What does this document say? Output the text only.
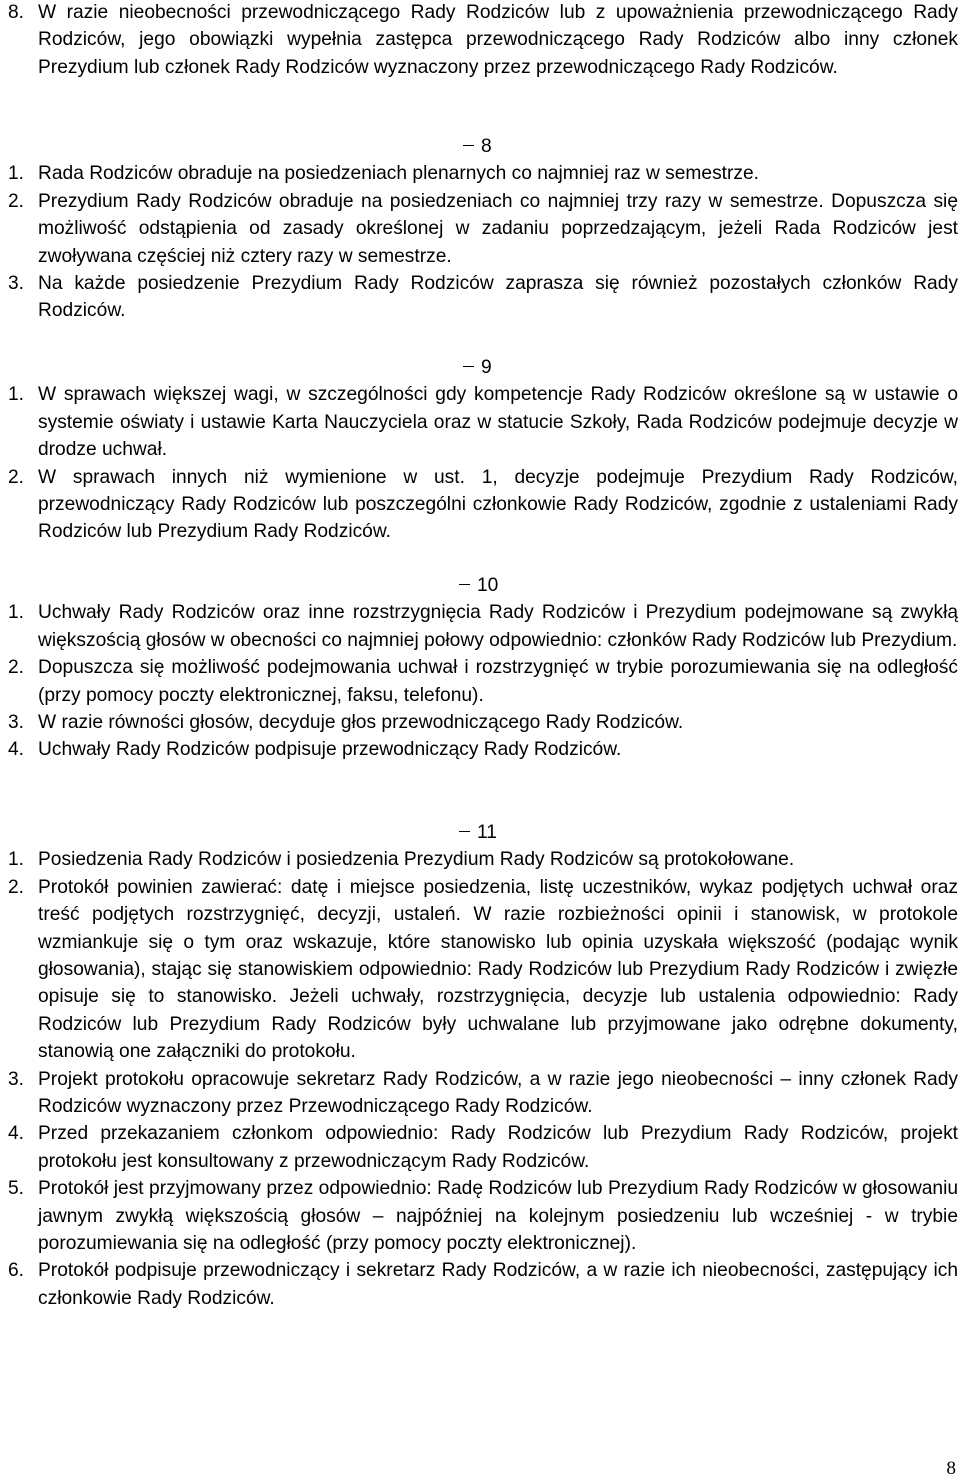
8. W razie nieobecności przewodniczącego Rady Rodziców lub z upoważnienia przewodniczącego Rady Rodziców, jego obowiązki wypełnia zastępca przewodniczącego Rady Rodziców albo inny członek Prezydium lub członek Rady Rodziców wyznaczony przez przewodniczącego Rady Rodziców.
8
1. Rada Rodziców obraduje na posiedzeniach plenarnych co najmniej raz w semestrze.
2. Prezydium Rady Rodziców obraduje na posiedzeniach co najmniej trzy razy w semestrze. Dopuszcza się możliwość odstąpienia od zasady określonej w zadaniu poprzedzającym, jeżeli Rada Rodziców jest zwoływana częściej niż cztery razy w semestrze.
3. Na każde posiedzenie Prezydium Rady Rodziców zaprasza się również pozostałych członków Rady Rodziców.
9
1. W sprawach większej wagi, w szczególności gdy kompetencje Rady Rodziców określone są w ustawie o systemie oświaty i ustawie Karta Nauczyciela oraz w statucie Szkoły, Rada Rodziców podejmuje decyzje w drodze uchwał.
2. W sprawach innych niż wymienione w ust. 1, decyzje podejmuje Prezydium Rady Rodziców, przewodniczący Rady Rodziców lub poszczególni członkowie Rady Rodziców, zgodnie z ustaleniami Rady Rodziców lub Prezydium Rady Rodziców.
10
1. Uchwały Rady Rodziców oraz inne rozstrzygnięcia Rady Rodziców i Prezydium podejmowane są zwykłą większością głosów w obecności co najmniej połowy odpowiednio: członków Rady Rodziców lub Prezydium.
2. Dopuszcza się możliwość podejmowania uchwał i rozstrzygnięć w trybie porozumiewania się na odległość (przy pomocy poczty elektronicznej, faksu, telefonu).
3. W razie równości głosów, decyduje głos przewodniczącego Rady Rodziców.
4. Uchwały Rady Rodziców podpisuje przewodniczący Rady Rodziców.
11
1. Posiedzenia Rady Rodziców i posiedzenia Prezydium Rady Rodziców są protokołowane.
2. Protokół powinien zawierać: datę i miejsce posiedzenia, listę uczestników, wykaz podjętych uchwał oraz treść podjętych rozstrzygnięć, decyzji, ustaleń. W razie rozbieżności opinii i stanowisk, w protokole wzmiankuje się o tym oraz wskazuje, które stanowisko lub opinia uzyskała większość (podając wynik głosowania), stając się stanowiskiem odpowiednio: Rady Rodziców lub Prezydium Rady Rodziców i zwięzłe opisuje się to stanowisko. Jeżeli uchwały, rozstrzygnięcia, decyzje lub ustalenia odpowiednio: Rady Rodziców lub Prezydium Rady Rodziców były uchwalane lub przyjmowane jako odrębne dokumenty, stanowią one załączniki do protokołu.
3. Projekt protokołu opracowuje sekretarz Rady Rodziców, a w razie jego nieobecności – inny członek Rady Rodziców wyznaczony przez Przewodniczącego Rady Rodziców.
4. Przed przekazaniem członkom odpowiednio: Rady Rodziców lub Prezydium Rady Rodziców, projekt protokołu jest konsultowany z przewodniczącym Rady Rodziców.
5. Protokół jest przyjmowany przez odpowiednio: Radę Rodziców lub Prezydium Rady Rodziców w głosowaniu jawnym zwykłą większością głosów – najpóźniej na kolejnym posiedzeniu lub wcześniej - w trybie porozumiewania się na odległość (przy pomocy poczty elektronicznej).
6. Protokół podpisuje przewodniczący i sekretarz Rady Rodziców, a w razie ich nieobecności, zastępujący ich członkowie Rady Rodziców.
8
